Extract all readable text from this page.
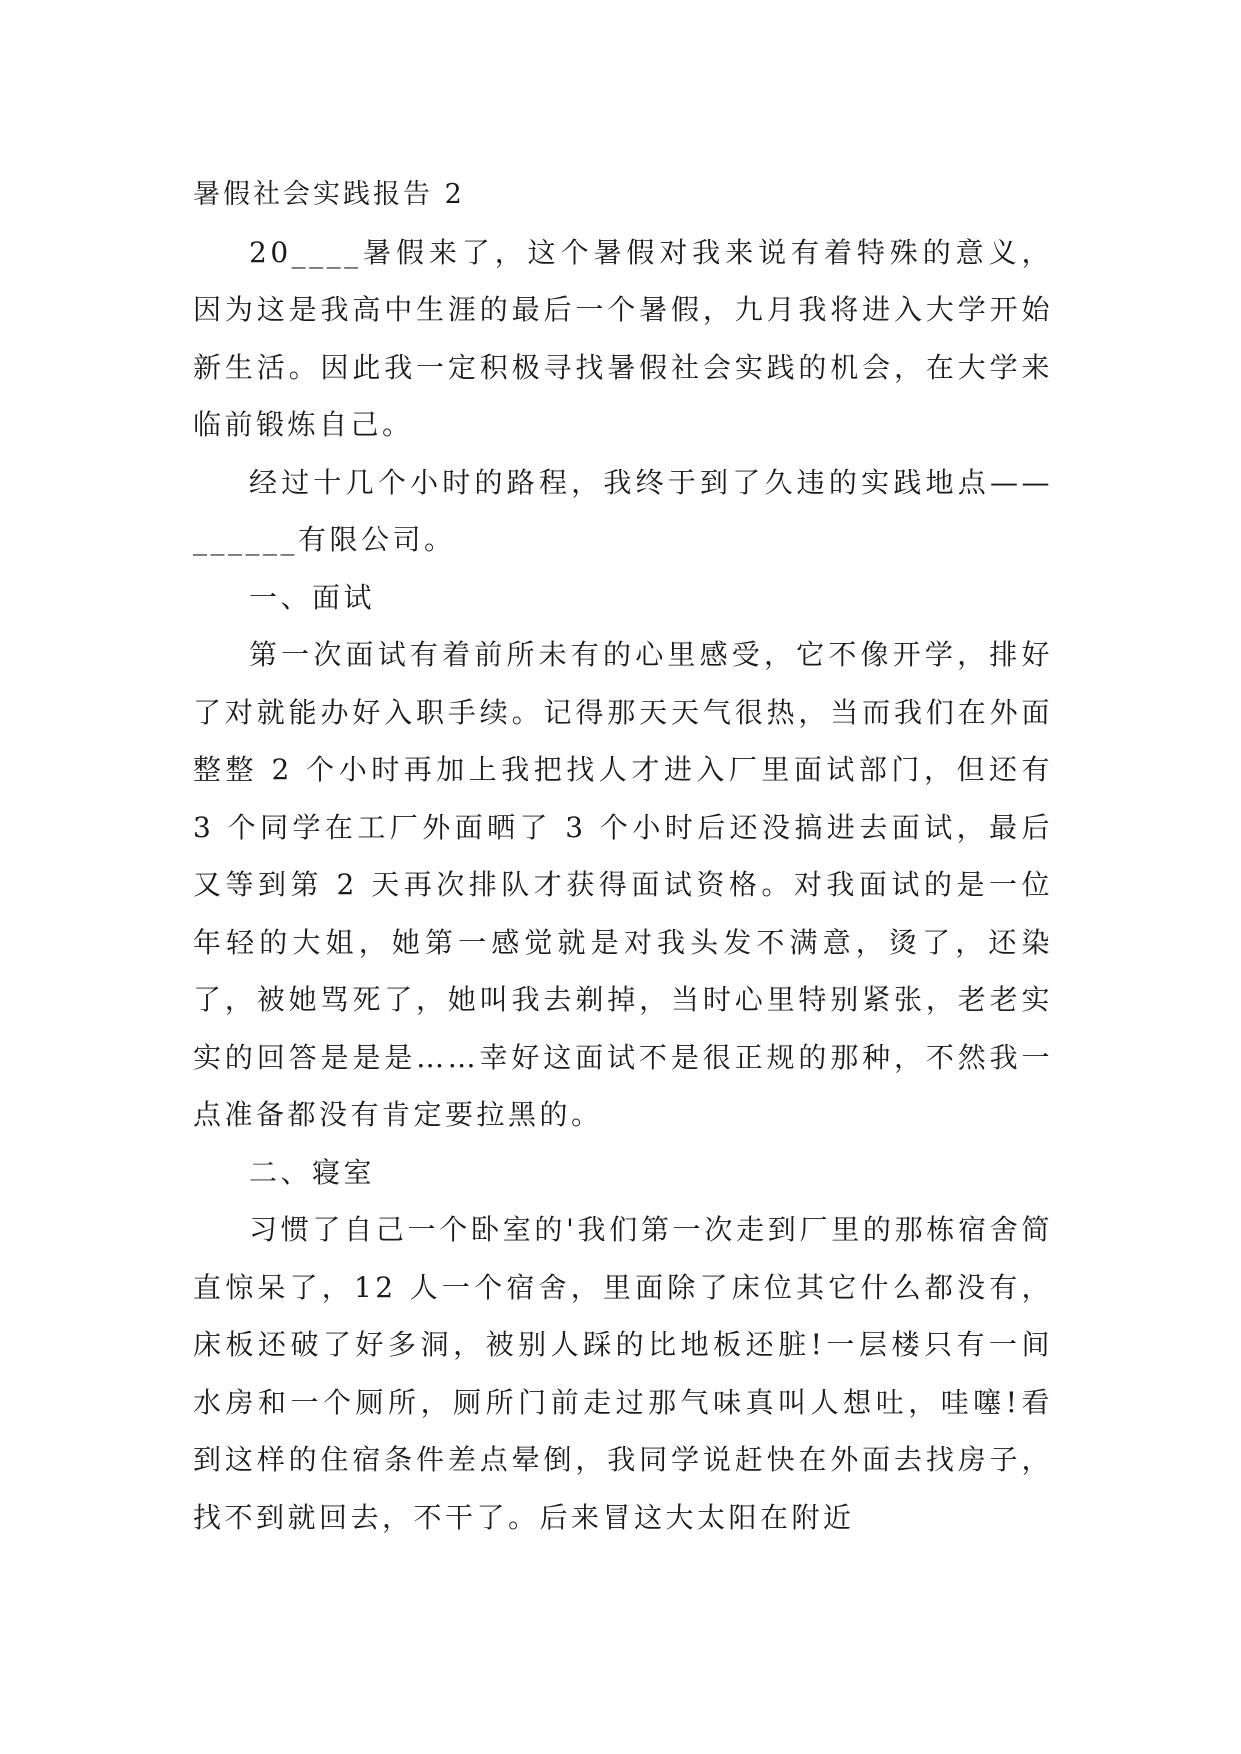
暑假社会实践报告 2

20____暑假来了，这个暑假对我来说有着特殊的意义，因为这是我高中生涯的最后一个暑假，九月我将进入大学开始新生活。因此我一定积极寻找暑假社会实践的机会，在大学来临前锻炼自己。

经过十几个小时的路程，我终于到了久违的实践地点——______有限公司。

一、面试

第一次面试有着前所未有的心里感受，它不像开学，排好了对就能办好入职手续。记得那天天气很热，当而我们在外面整整 2 个小时再加上我把找人才进入厂里面试部门，但还有 3 个同学在工厂外面晒了 3 个小时后还没搞进去面试，最后又等到第 2 天再次排队才获得面试资格。对我面试的是一位年轻的大姐，她第一感觉就是对我头发不满意，烫了，还染了，被她骂死了，她叫我去剃掉，当时心里特别紧张，老老实实的回答是是是……幸好这面试不是很正规的那种，不然我一点准备都没有肯定要拉黑的。

二、寝室

习惯了自己一个卧室的'我们第一次走到厂里的那栋宿舍简直惊呆了，12 人一个宿舍，里面除了床位其它什么都没有，床板还破了好多洞，被别人踩的比地板还脏!一层楼只有一间水房和一个厕所，厕所门前走过那气味真叫人想吐，哇噻!看到这样的住宿条件差点晕倒，我同学说赶快在外面去找房子，找不到就回去，不干了。后来冒这大太阳在附近
